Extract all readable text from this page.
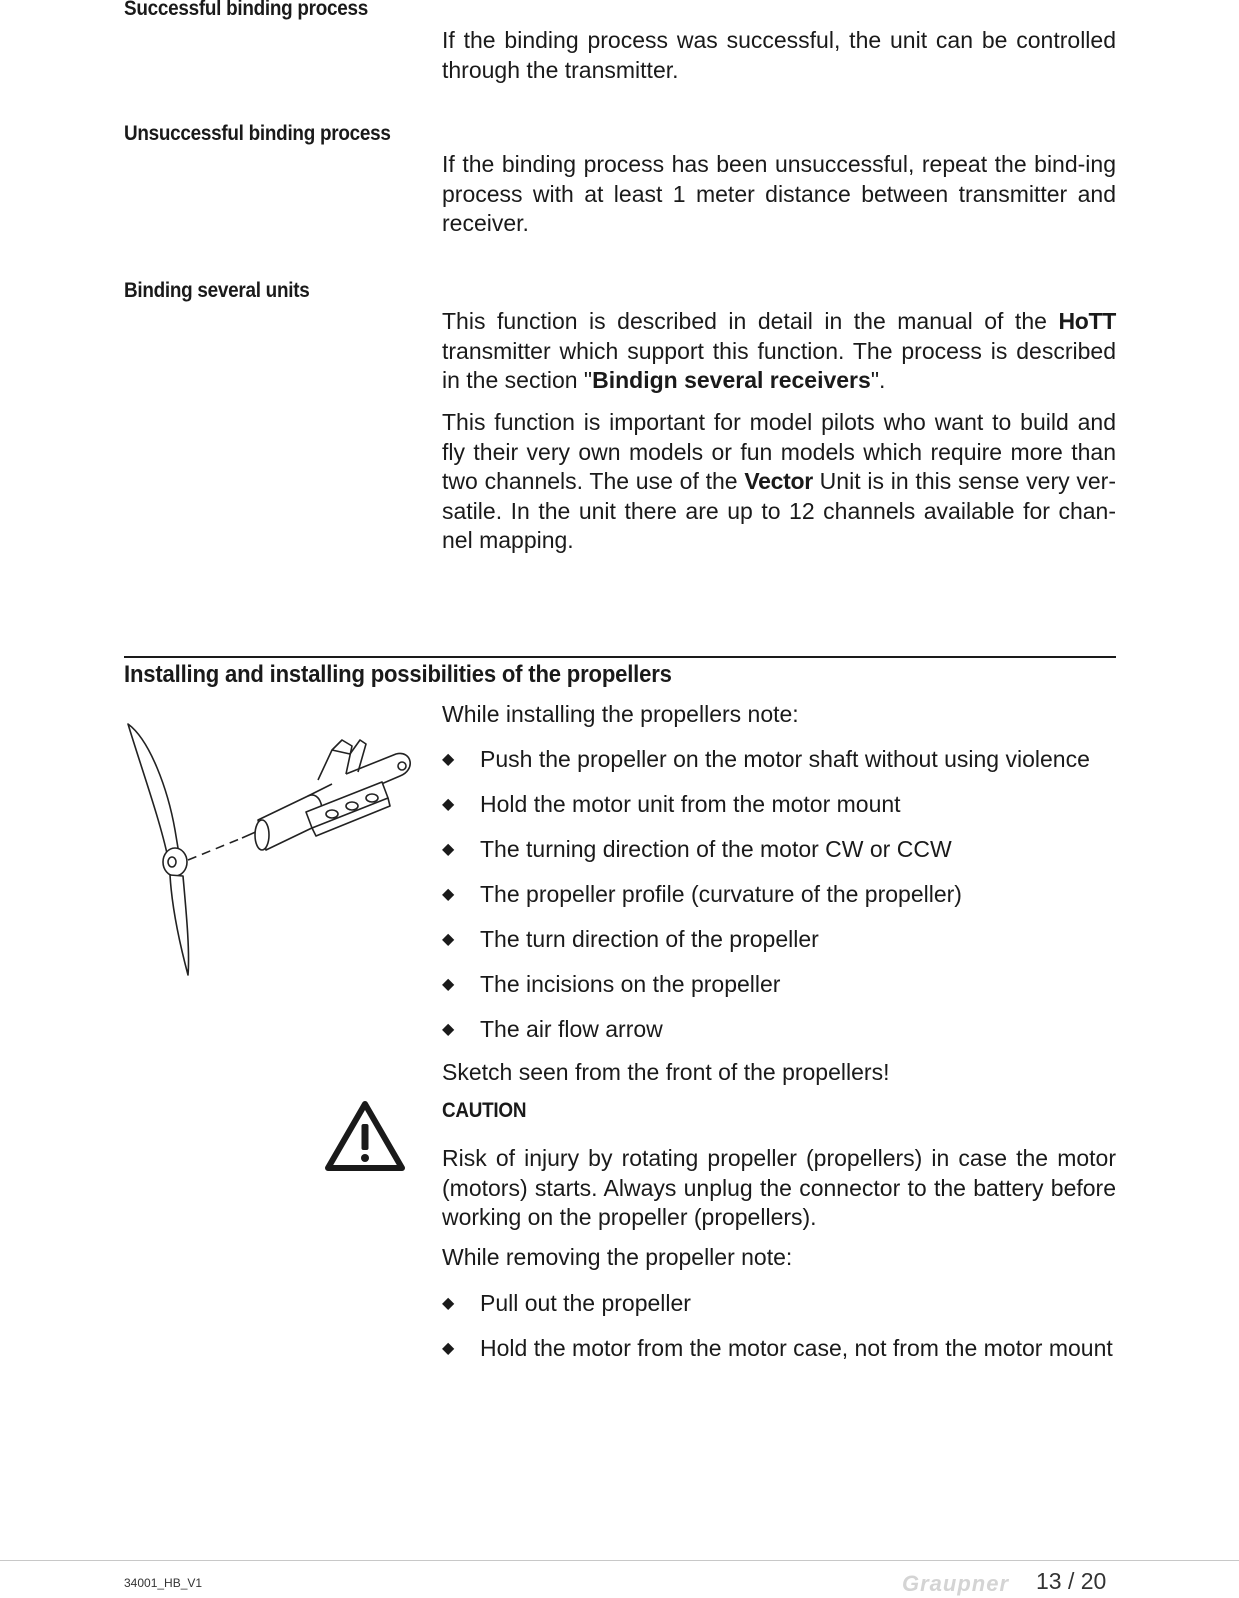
Successful binding process
If the binding process was successful, the unit can be controlled through the transmitter.
Unsuccessful binding process
If the binding process has been unsuccessful, repeat the bind-ing process with at least 1 meter distance between transmitter and receiver.
Binding several units
This function is described in detail in the manual of the HoTT transmitter which support this function. The process is described in the section "Bindign several receivers".
This function is important for model pilots who want to build and fly their very own models or fun models which require more than two channels. The use of the Vector Unit is in this sense very ver-satile. In the unit there are up to 12 channels available for chan-nel mapping.
Installing and installing possibilities of the propellers
While installing the propellers note:
◆ Push the propeller on the motor shaft without using violence
◆ Hold the motor unit from the motor mount
◆ The turning direction of the motor CW or CCW
◆ The propeller profile (curvature of the propeller)
◆ The turn direction of the propeller
◆ The incisions on the propeller
◆ The air flow arrow
Sketch seen from the front of the propellers!
CAUTION
Risk of injury by rotating propeller (propellers) in case the motor (motors) starts. Always unplug the connector to the battery before working on the propeller (propellers).
While removing the propeller note:
◆ Pull out the propeller
◆ Hold the motor from the motor case, not from the motor mount
34001_HB_V1	Graupner 13 / 20
